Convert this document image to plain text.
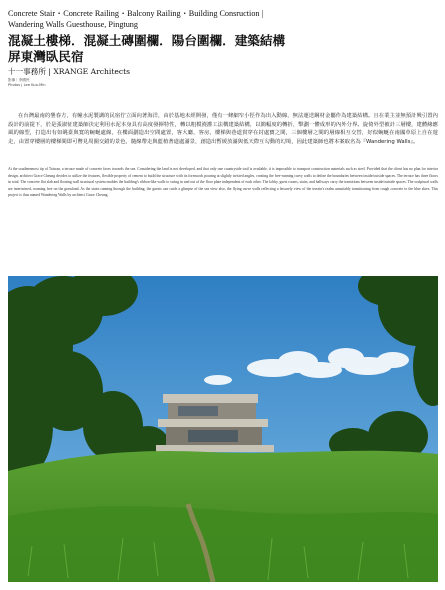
Concrete Stair・Concrete Railing・Balcony Railing・Building Consruction |
Wandering Walls Guesthouse, Pingtung
混凝土樓梯．混凝土磚圍欄．陽台圍欄．建築結構
屏東灣臥民宿
十一事務所 | XRANGE Architects
影像｜李國民
Photos | Lee Kuo-Min

在台灣最南的墾春方，有幢水泥製調的民宿佇立面向著海洋，由於基地未經開發，僅有一條細窄小徑作為出入動線，無法運送鋼材金屬作為建築結構。且在業主並無預計興引置內設計的前提下，於是張淑征建築師決定利用水泥本身具有高度發揮特性，轉以粗模澆灌工法構建築結構，以簡幅度的轉折，擊劃一體成形的內外分界。旋倚外型被計三層樓，建體緣應風的線型，打造出有如眺臺與寬的蜿蜒處線，在樓面劃造出空間處置，客大廳，客房，樓梯與巷道貫穿在封處寶之間，三個樓層之間的層線相互交替，好似蜿蜒在南國草原上自在遊走，由置穿樓層的樓梯間即可瞥見周圍交錯的景色，隨線帶走與藍植著道處滿景，創造出暫緩放滿與低天際互勾動的幻境，因此建築師也將本案取名為『Wandering Walls』。

At the southernmost tip of Taiwan, a terrace made of concrete faces towards the sea. Considering the land is not developed, and that only one countryside trail is available, it is impossible to transport construction materials such as steel. Provided that the client has no plan for interior design, architect Grace Cheung decides to utilize the features, flexible property of cement to build the structure with its formwork pouring at slightly twisted angles, creating the free-running curvy walls to define the boundaries between inside/outside spaces. The terrace has three floors in total. The concrete flat slab and floating wall structural system enables the building's ribbon-like walls to swing in and out of the floor plate independent of each other. The lobby, guest rooms, stairs, and hallways carry the transitions between inside/outside spaces. The sculptural walls are intertwined, roaming free on the grassland. As the stairs running through the building, the guests can catch a glimpse of the sea view also, the flying curve walls reflecting a leisurely view of the terrain's realm unsuitably transitioning from rough concrete to the blue skies. This project is thus named Wandering Walls by architect Grace Cheung.
